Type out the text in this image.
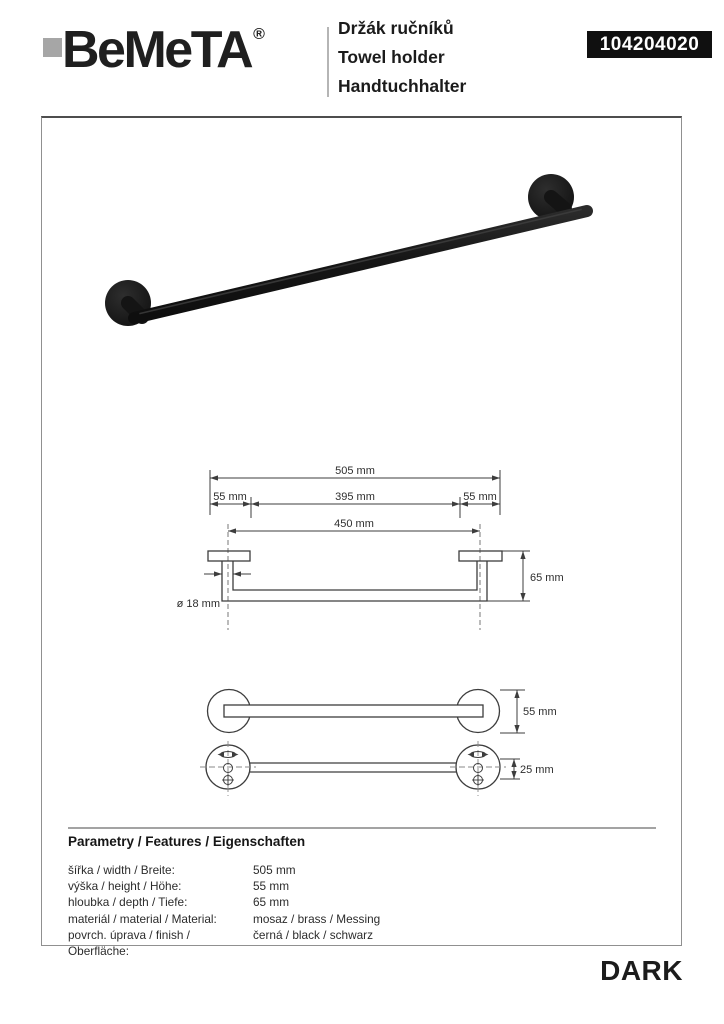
BeMeTA ®	Držák ručníků
Towel holder
Handtuchhalter
104204020
505 mm
55 mm	395 mm	55 mm
450 mm
ø 18 mm
65 mm
55 mm
25 mm
Parametry / Features / Eigenschaften
šířka / width / Breite:	505 mm
výška / height / Höhe:	55 mm
hloubka / depth / Tiefe:	65 mm
materiál / material / Material:	mosaz / brass / Messing
povrch. úprava / finish / Oberfläche:
černá / black / schwarz
DARK
